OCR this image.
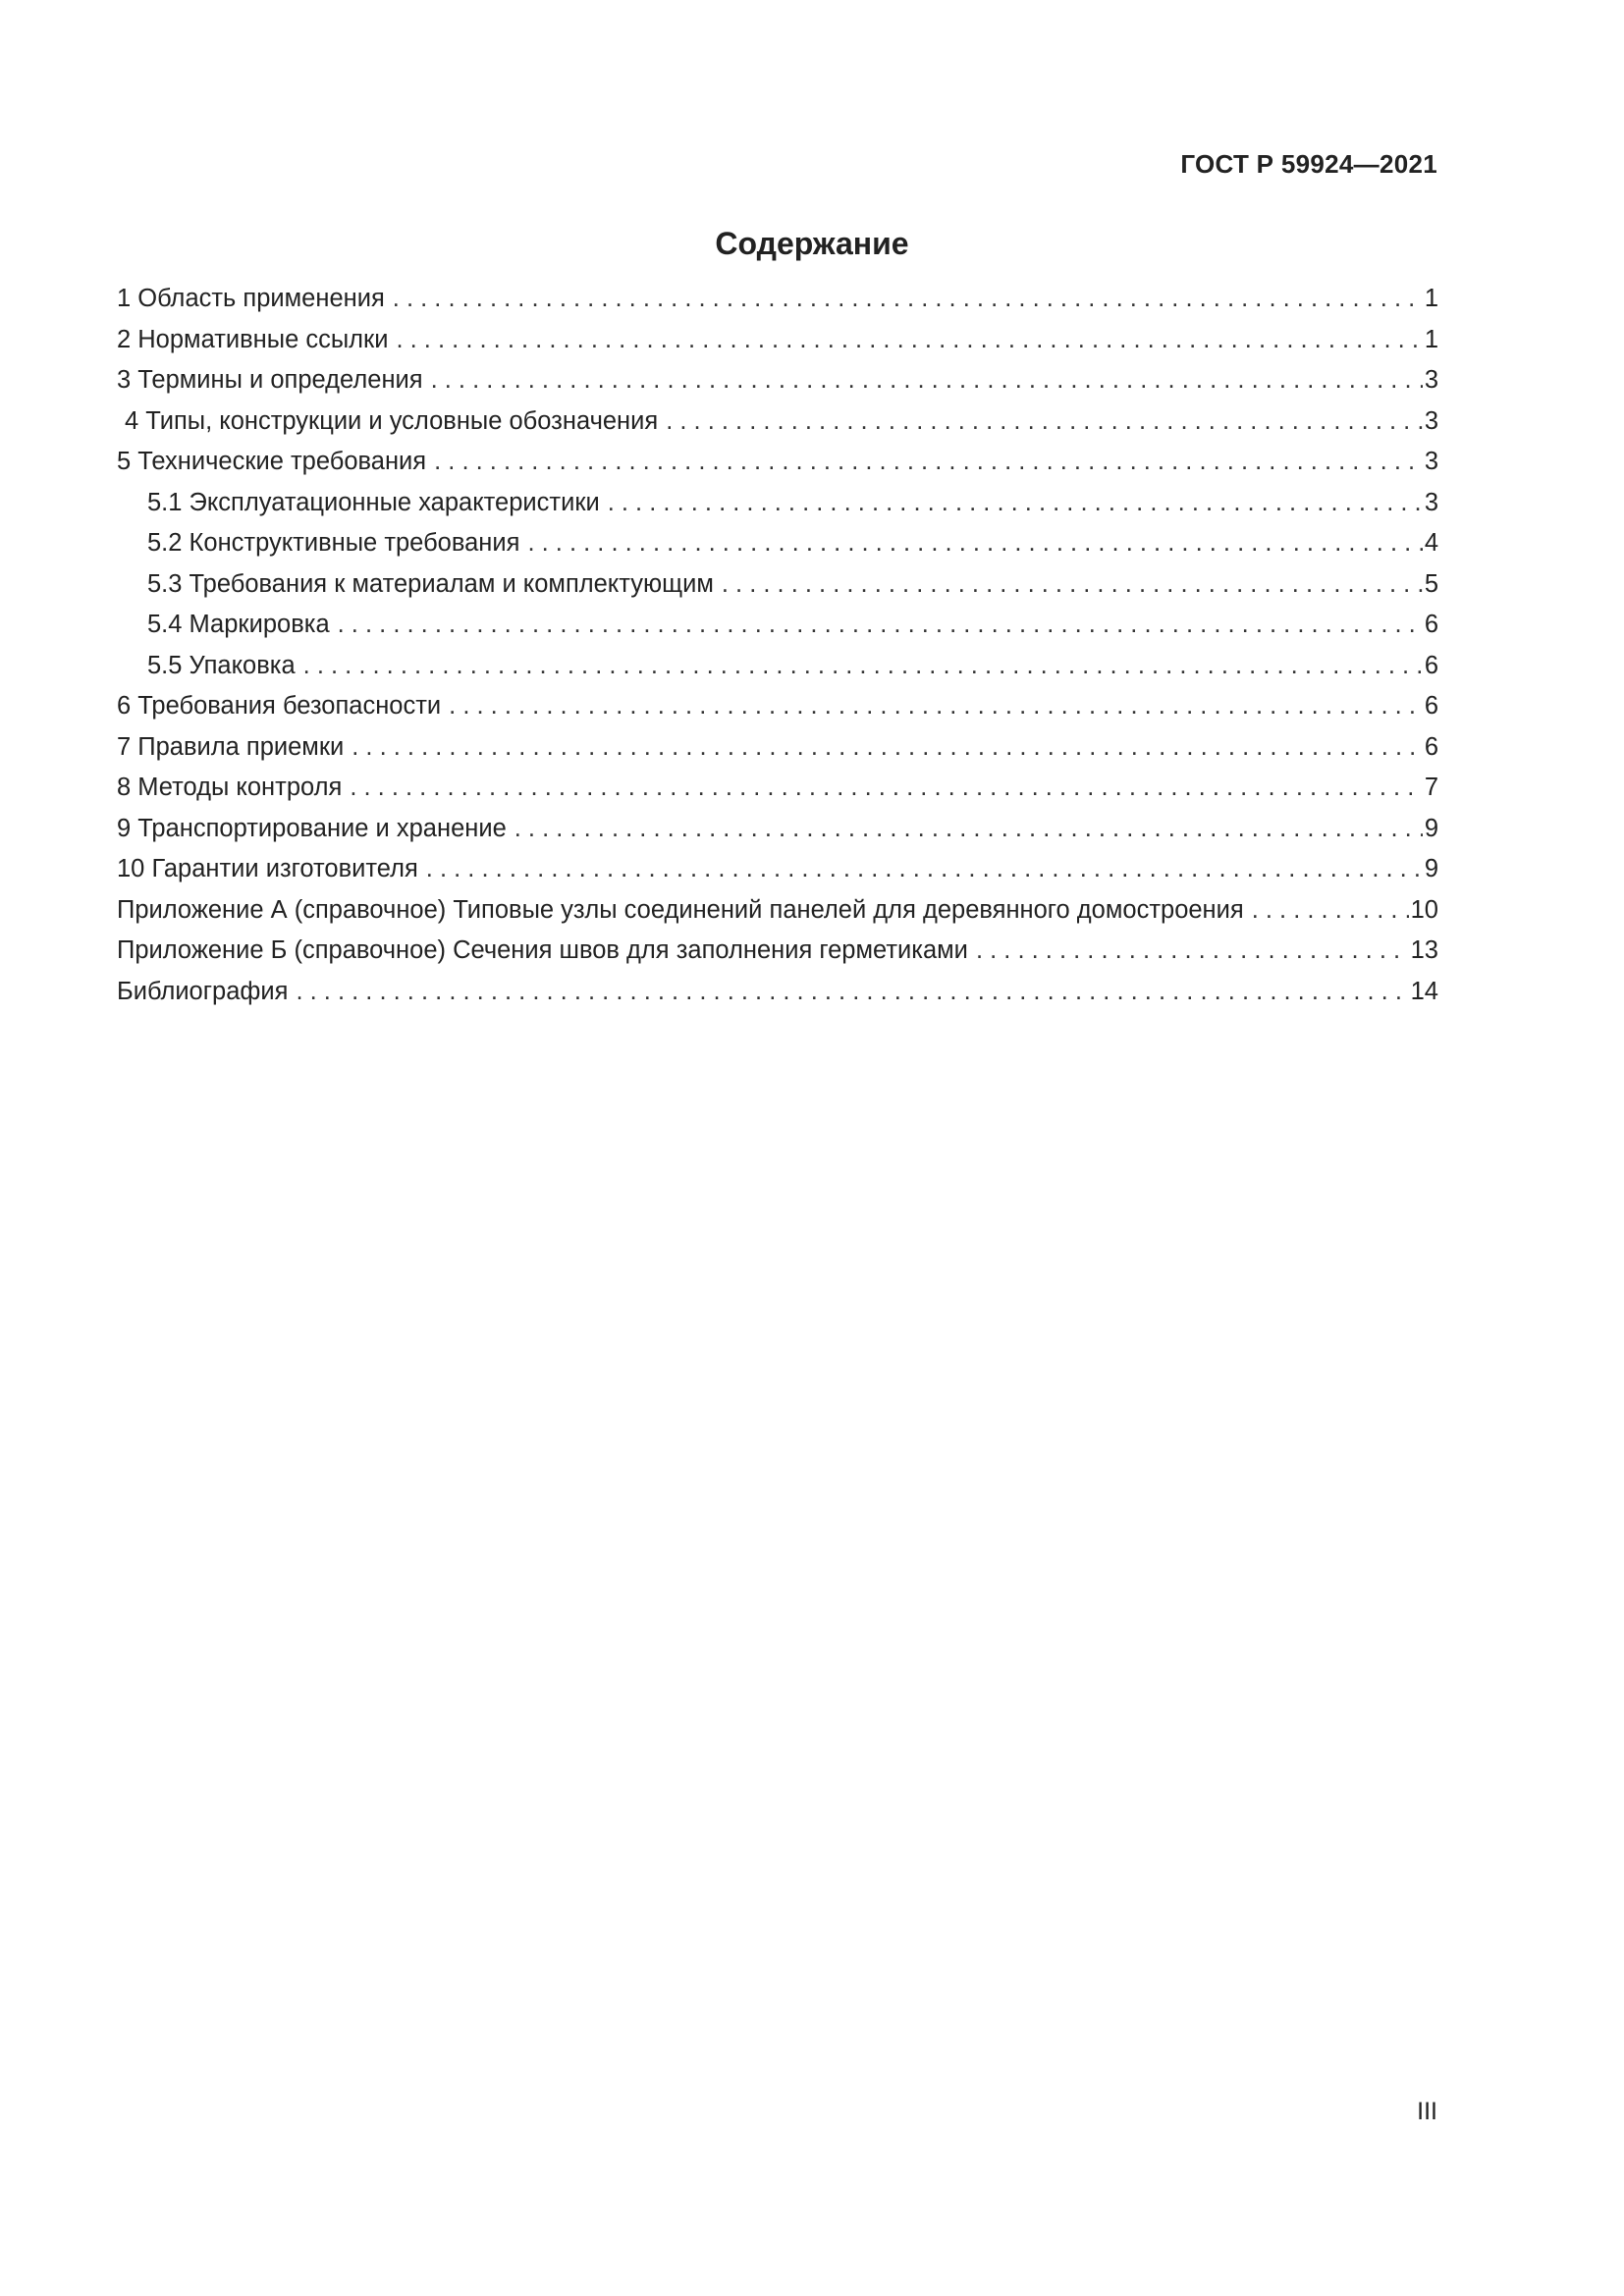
ГОСТ Р 59924—2021
Содержание
1 Область применения . . .	1
2 Нормативные ссылки . . .	1
3 Термины и определения . . .	3
4 Типы, конструкции и условные обозначения . . .	3
5 Технические требования . . .	3
5.1 Эксплуатационные характеристики . . .	3
5.2 Конструктивные требования . . .	4
5.3 Требования к материалам и комплектующим . . .	5
5.4 Маркировка . . .	6
5.5 Упаковка . . .	6
6 Требования безопасности . . .	6
7 Правила приемки . . .	6
8 Методы контроля . . .	7
9 Транспортирование и хранение . . .	9
10 Гарантии изготовителя . . .	9
Приложение А (справочное) Типовые узлы соединений панелей для деревянного домостроения . . .	10
Приложение Б (справочное) Сечения швов для заполнения герметиками . . .	13
Библиография . . .	14
III
